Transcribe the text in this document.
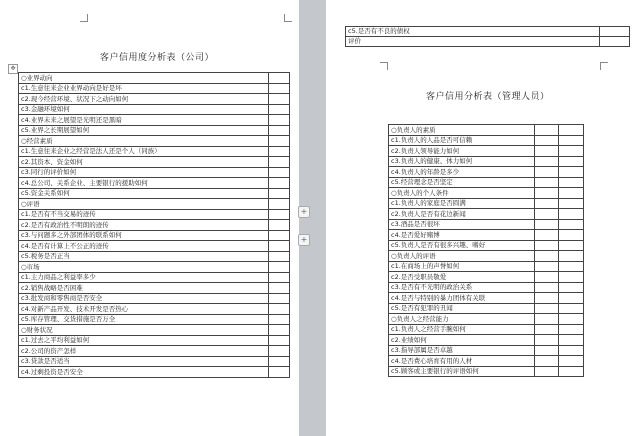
客户信用度分析表（公司）
✥
○业界动向	
c1.生意往来企业业界动向是好是坏	
c2.现今经营环境、状况下之动向如何	
c3.金融环境如何	
c4.业界未来之展望是光明还是黑暗	
c5.业界之长期展望如何	
○经营素质	
c1.生意往来企业之经营是法人还是个人（同族）	
c2.其资本、资金如何	
c3.同行的评价如何	
c4.总公司、关系企业、主要银行的援助如何	
c5.资金关系如何	
○评语	
c1.是否有不当交易的迹传	
c2.是否有政治性不明朗的迹传	
c3.与问题多之外部团体的联系如何	
c4.是否有计算上不公正的迹传	
c5.税务是否正当	
○市场	
c1.主力商品之利益率多少	
c2.销售战略是否困难	
c3.批发商和零售商是否安全	
c4.对新产品开发、技术开发是否热心	
c5.库存管理、交货措施是否万全	
○财务状况	
c1.过去之平均利益如何	
c2.公司的资产怎样	
c3.贷款是否适当	
c4.过剩投资是否安全	
+
+
c5.是否有不良的债权	
评价	
客户信用分析表（管理人员）
○负责人的素质		
c1.负责人的人品是否可信赖		
c2.负责人领导能力如何		
c3.负责人的健康、体力如何		
c4.负责人的年龄是多少		
c5.经营理念是否坚定		
○负责人的个人条件		
c1.负责人的家庭是否圆满		
c2.负责人是否有花边新闻		
c3.酒品是否很坏		
c4.是否爱好赌博		
c5.负责人是否有很多兴趣、嗜好		
○负责人的评语		
c1.在商场上的声誉如何		
c2.是否受职员敬爱		
c3.是否有不光明的政治关系		
c4.是否与特别的暴力团体有关联		
c5.是否有犯罪的丑闻		
○负责人之经营能力		
c1.负责人之经营手腕如何		
c2.业绩如何		
c3.指导部属是否卓越		
c4.是否费心培育有用的人材		
c5.顾客或主要银行的评语如何		
